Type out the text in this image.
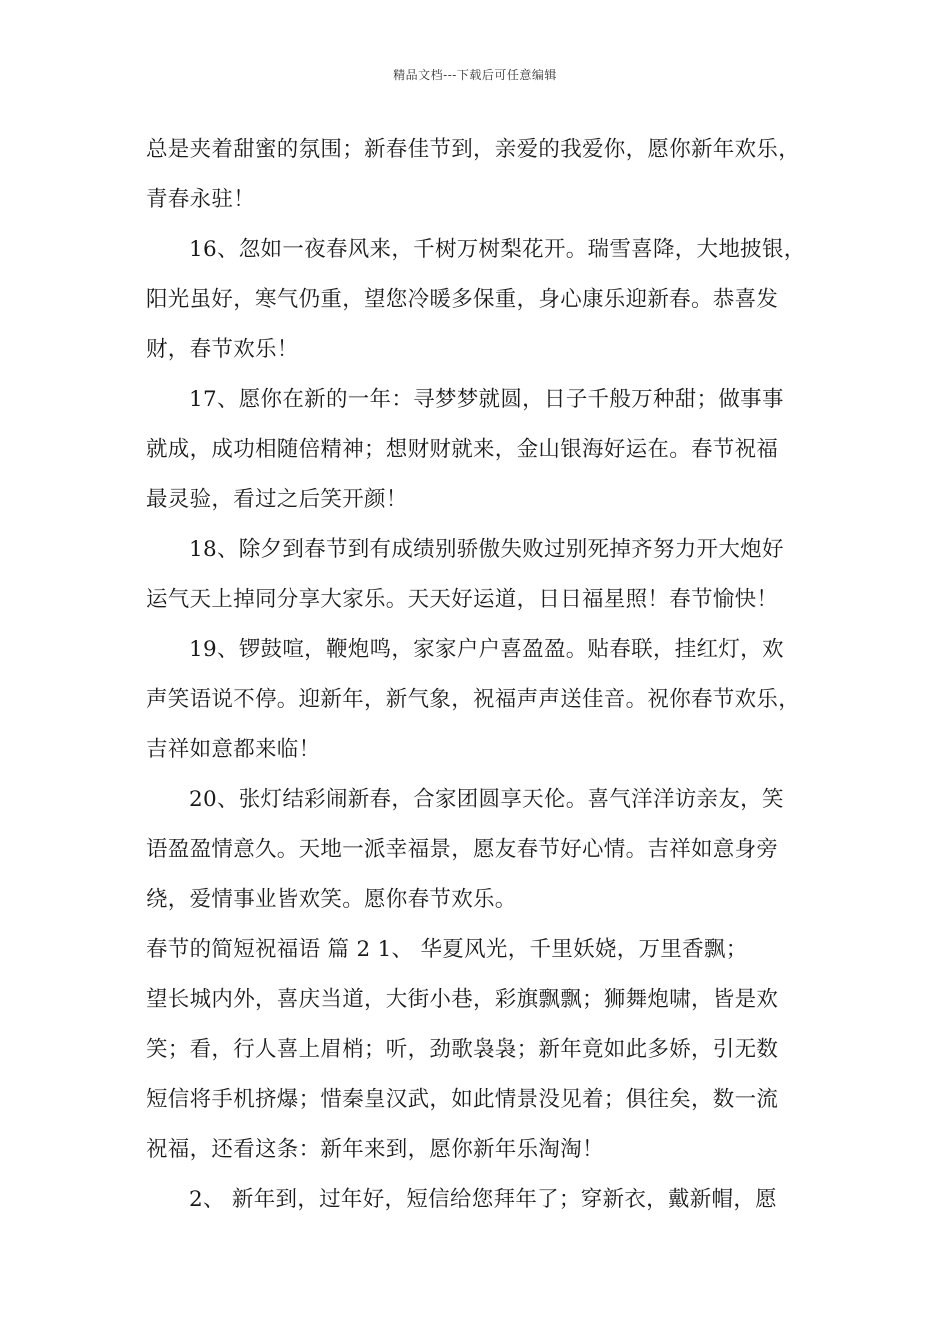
精品文档---下载后可任意编辑
总是夹着甜蜜的氛围；新春佳节到，亲爱的我爱你，愿你新年欢乐，
青春永驻！
16、忽如一夜春风来，千树万树梨花开。瑞雪喜降，大地披银，
阳光虽好，寒气仍重，望您冷暖多保重，身心康乐迎新春。恭喜发
财，春节欢乐！
17、愿你在新的一年：寻梦梦就圆，日子千般万种甜；做事事
就成，成功相随倍精神；想财财就来，金山银海好运在。春节祝福
最灵验，看过之后笑开颜！
18、除夕到春节到有成绩别骄傲失败过别死掉齐努力开大炮好
运气天上掉同分享大家乐。天天好运道，日日福星照！春节愉快！
19、锣鼓喧，鞭炮鸣，家家户户喜盈盈。贴春联，挂红灯，欢
声笑语说不停。迎新年，新气象，祝福声声送佳音。祝你春节欢乐，
吉祥如意都来临！
20、张灯结彩闹新春，合家团圆享天伦。喜气洋洋访亲友，笑
语盈盈情意久。天地一派幸福景，愿友春节好心情。吉祥如意身旁
绕，爱情事业皆欢笑。愿你春节欢乐。
春节的简短祝福语 篇 2 1、 华夏风光，千里妖娆，万里香飘；
望长城内外，喜庆当道，大街小巷，彩旗飘飘；狮舞炮啸，皆是欢
笑；看，行人喜上眉梢；听，劲歌袅袅；新年竟如此多娇，引无数
短信将手机挤爆；惜秦皇汉武，如此情景没见着；俱往矣，数一流
祝福，还看这条：新年来到，愿你新年乐淘淘！
2、 新年到，过年好，短信给您拜年了；穿新衣，戴新帽，愿
